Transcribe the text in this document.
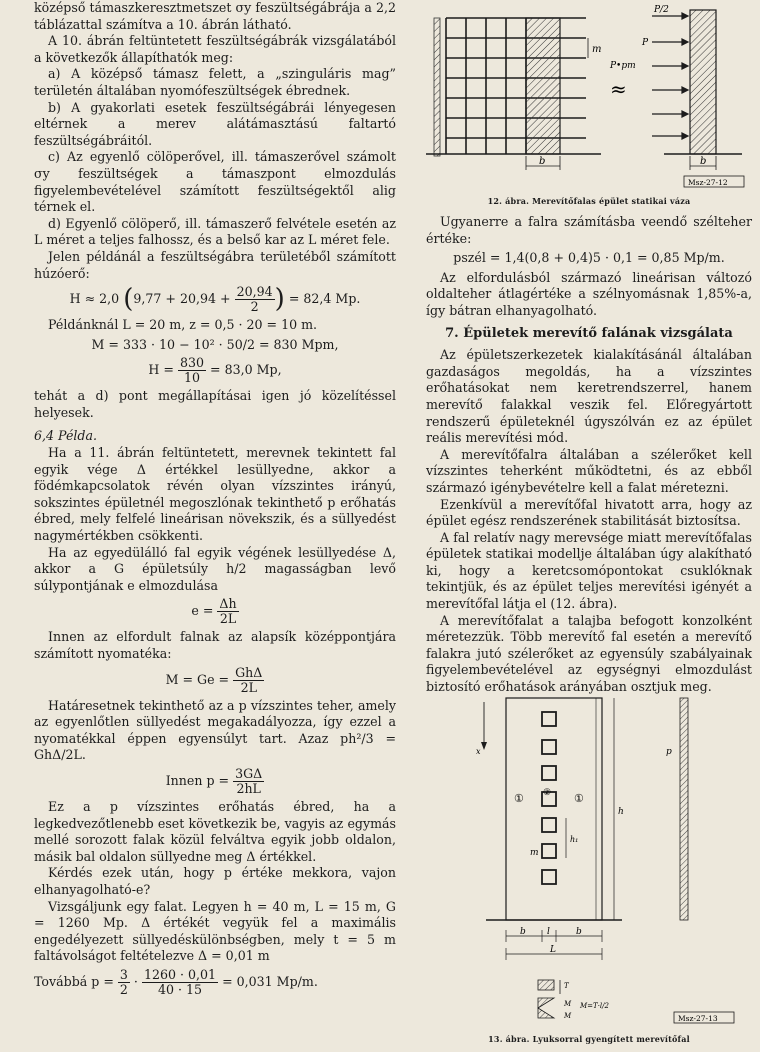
középső támaszkeresztmetszet σy feszültségábrája a 2,2 táblázattal számítva a 10. ábrán látható.

A 10. ábrán feltüntetett feszültségábrák vizsgálatából a következők állapíthatók meg:

a) A középső támasz felett, a „szinguláris mag” területén általában nyomófeszültségek ébrednek.

b) A gyakorlati esetek feszültségábrái lényegesen eltérnek a merev alátámasztású faltartó feszültségábráitól.

c) Az egyenlő cölöperővel, ill. támaszerővel számolt σy feszültségek a támaszpont elmozdulás figyelembevételével számított feszültségektől alig térnek el.

d) Egyenlő cölöperő, ill. támaszerő felvétele esetén az L méret a teljes falhossz, és a belső kar az L méret fele.

Jelen példánál a feszültségábra területéből számított húzóerő:

H ≈ 2,0 ($9,77 + 20,94 + \frac{20,94}{2}$ ) = 82,4 Mp.

Példánknál L = 20 m, z = 0,5 · 20 = 10 m.

M = 333 · 10 − 10² · 50/2 = 830 Mpm,
$H = \frac{830}{10} = 83,0$ Mp,

tehát a d) pont megállapításai igen jó közelítéssel helyesek.

6,4 Példa.

Ha a 11. ábrán feltüntetett, merevnek tekintett fal egyik vége Δ értékkel lesüllyedne, akkor a födémkapcsolatok révén olyan vízszintes irányú, sokszintes épületnél megoszlónak tekinthető p erőhatás ébred, mely felfelé lineárisan növekszik, és a süllyedést nagymértékben csökkenti.

Ha az egyedülálló fal egyik végének lesüllyedése Δ, akkor a G épületsúly h/2 magasságban levő súlypontjának e elmozdulása

$e = \frac{\Delta h}{2L}$

Innen az elfordult falnak az alapsík középpontjára számított nyomatéka:

$M = Ge = \frac{\text{GhΔ}}{2L}$

Határesetnek tekinthető az a p vízszintes teher, amely az egyenlőtlen süllyedést megakadályozza, így ezzel a nyomatékkal éppen egyensúlyt tart. Azaz ph²/3 = GhΔ/2L.

Innen $p = \frac{3G\Delta}{2hL}$

Ez a p vízszintes erőhatás ébred, ha a legkedvezőtlenebb eset következik be, vagyis az egymás mellé sorozott falak közül felváltva egyik jobb oldalon, másik bal oldalon süllyedne meg Δ értékkel.

Kérdés ezek után, hogy p értéke mekkora, vajon elhanyagolható-e?

Vizsgáljunk egy falat. Legyen h = 40 m, L = 15 m, G = 1260 Mp. Δ értékét vegyük fel a maximális engedélyezett süllyedéskülönbségben, mely t = 5 m faltávolságot feltételezve Δ = 0,01 m

Továbbá $p = \frac{3}{2} \cdot \frac{1260 \cdot 0,01}{40 \cdot 15} = 0,031$ Mp/m.
m
b
≈
P/2
P
P•pm
b
Msz-27-12
12. ábra. Merevítőfalas épület statikai váza

Ugyanerre a falra számításba veendő szélteher értéke:

pszél = 1,4(0,8 + 0,4)5 · 0,1 = 0,85 Mp/m.

Az elfordulásból származó lineárisan változó oldalteher átlagértéke a szélnyomásnak 1,85%-a, így bátran elhanyagolható.

7. Épületek merevítő falának vizsgálata

Az épületszerkezetek kialakításánál általában gazdaságos megoldás, ha a vízszintes erőhatásokat nem keretrendszerrel, hanem merevítő falakkal veszik fel. Előregyártott rendszerű épületeknél úgyszólván ez az épület reális merevítési mód.

A merevítőfalra általában a szélerőket kell vízszintes teherként működtetni, és az ebből származó igénybevételre kell a falat méretezni.

Ezenkívül a merevítőfal hivatott arra, hogy az épület egész rendszerének stabilitását biztosítsa.

A fal relatív nagy merevsége miatt merevítőfalas épületek statikai modellje általában úgy alakítható ki, hogy a keretcsomópontokat csuklóknak tekintjük, és az épület teljes merevítési igényét a merevítőfal látja el (12. ábra).

A merevítőfalat a talajba befogott konzolként méretezzük. Több merevítő fal esetén a merevítő falakra jutó szélerőket az egyensúly szabályainak figyelembevételével az egységnyi elmozdulást biztosító erőhatások arányában osztjuk meg.

① ② ①
x
m
h₁
h
p
b l	b
L
T
M
M
M=T·l/2
Msz-27-13
13. ábra. Lyuksorral gyengített merevítőfal
